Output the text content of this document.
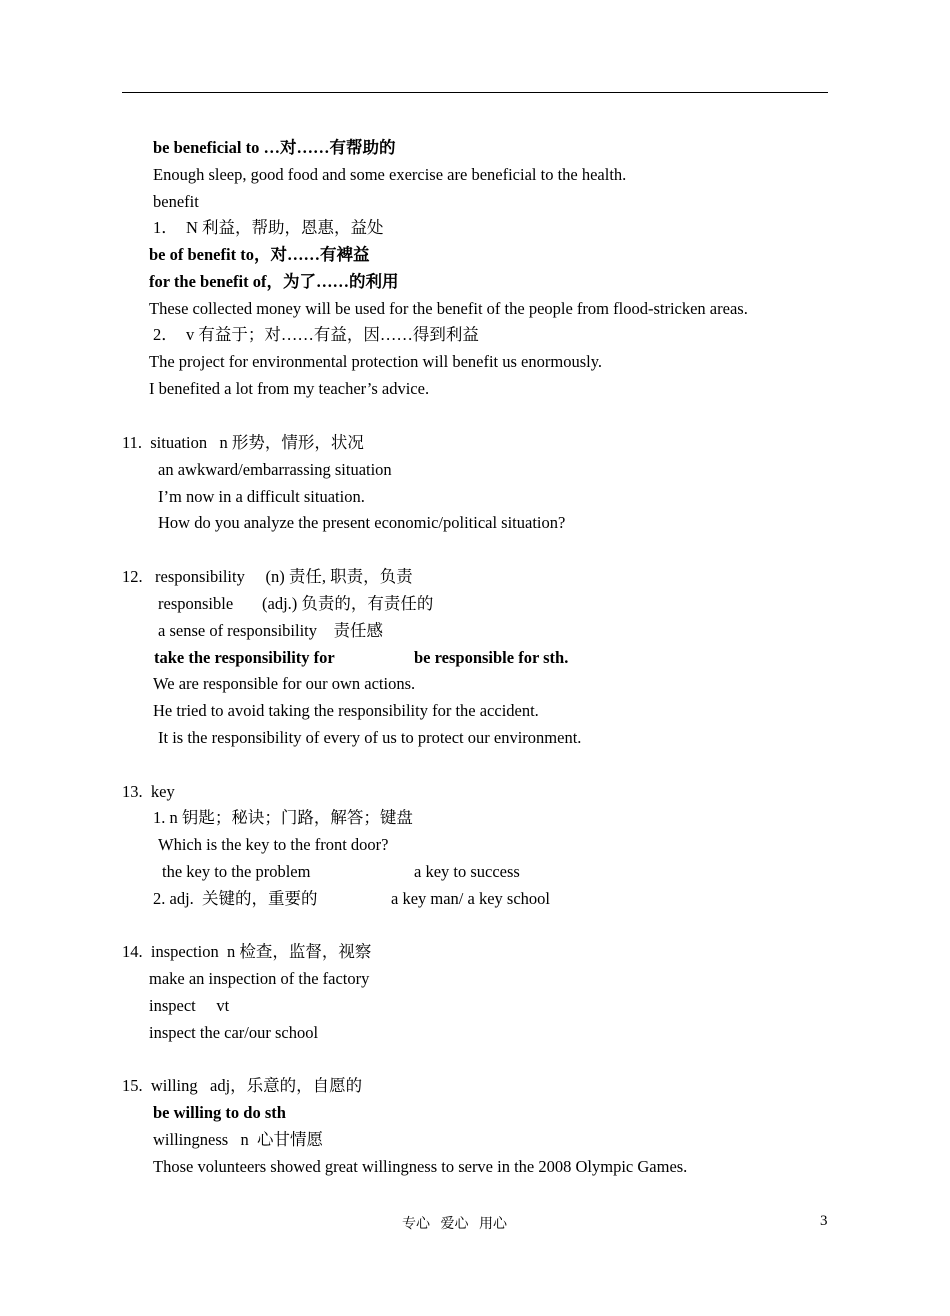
be beneficial to …对……有帮助的
Enough sleep, good food and some exercise are beneficial to the health.
benefit
1．  N 利益，帮助，恩惠，益处
be of benefit to，对……有裨益
for the benefit of，为了……的利用
These collected money will be used for the benefit of the people from flood-stricken areas.
2．  v 有益于；对……有益，因……得到利益
The project for environmental protection will benefit us enormously.
I benefited a lot from my teacher’s advice.
11.  situation   n 形势，情形，状况
an awkward/embarrassing situation
I’m now in a difficult situation.
How do you analyze the present economic/political situation?
12.   responsibility     (n) 责任, 职责，负责
responsible       (adj.) 负责的，有责任的
a sense of responsibility    责任感
take the responsibility for	be responsible for sth.
We are responsible for our own actions.
He tried to avoid taking the responsibility for the accident.
It is the responsibility of every of us to protect our environment.
13.  key
1. n 钥匙；秘诀；门路，解答；键盘
Which is the key to the front door?
the key to the problem	a key to success
2. adj.  关键的，重要的	a key man/ a key school
14.  inspection  n 检查，监督，视察
make an inspection of the factory
inspect     vt
inspect the car/our school
15.  willing   adj，乐意的，自愿的
be willing to do sth
willingness   n  心甘情愿
Those volunteers showed great willingness to serve in the 2008 Olympic Games.
专心   爱心   用心	3
